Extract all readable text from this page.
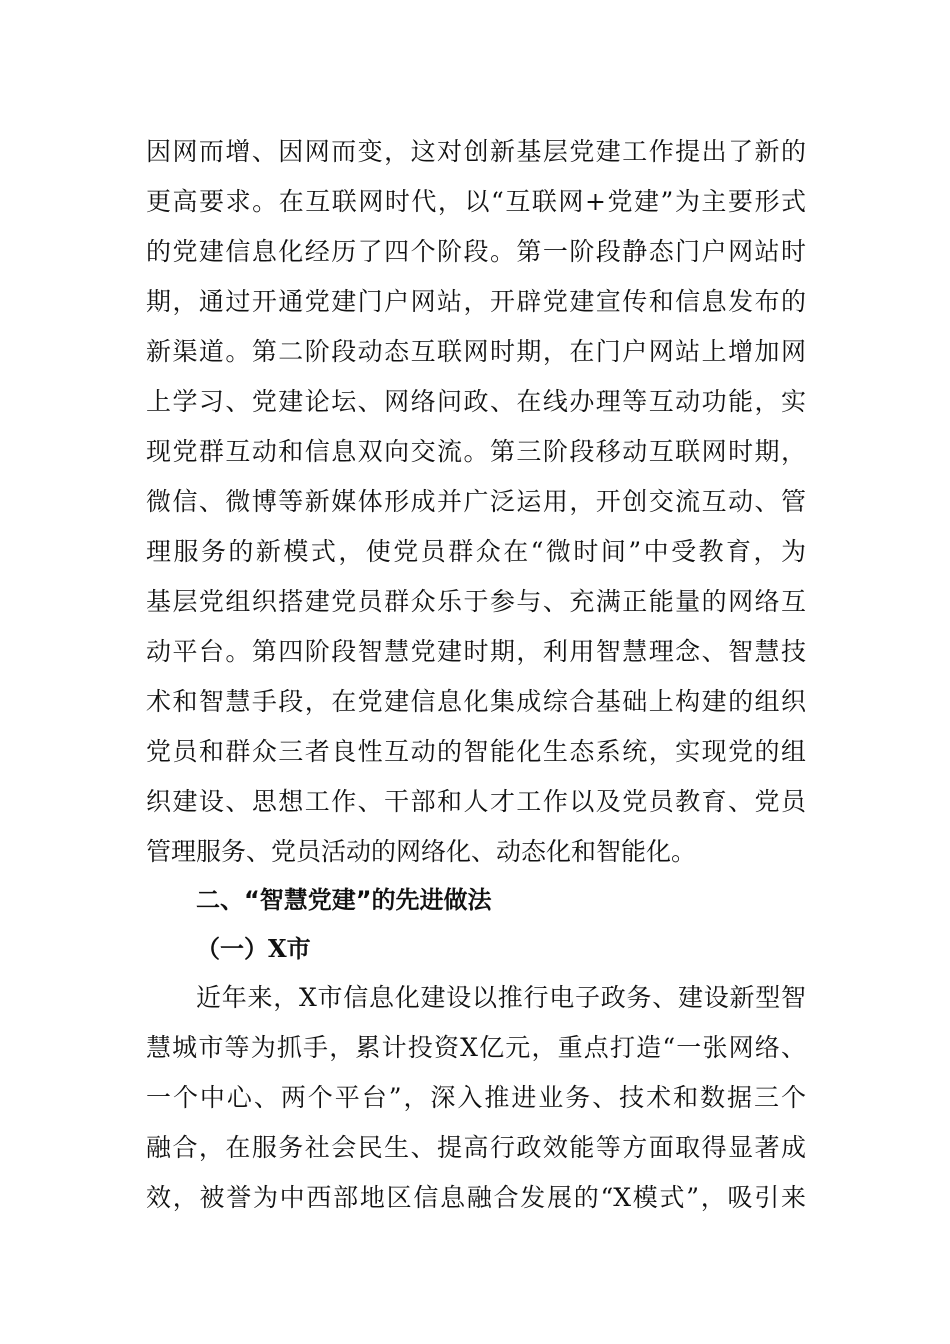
因网而增、因网而变，这对创新基层党建工作提出了新的
更高要求。在互联网时代，以“互联网+党建”为主要形式
的党建信息化经历了四个阶段。第一阶段静态门户网站时
期，通过开通党建门户网站，开辟党建宣传和信息发布的
新渠道。第二阶段动态互联网时期，在门户网站上增加网
上学习、党建论坛、网络问政、在线办理等互动功能，实
现党群互动和信息双向交流。第三阶段移动互联网时期，
微信、微博等新媒体形成并广泛运用，开创交流互动、管
理服务的新模式，使党员群众在“微时间”中受教育，为
基层党组织搭建党员群众乐于参与、充满正能量的网络互
动平台。第四阶段智慧党建时期，利用智慧理念、智慧技
术和智慧手段，在党建信息化集成综合基础上构建的组织
党员和群众三者良性互动的智能化生态系统，实现党的组
织建设、思想工作、干部和人才工作以及党员教育、党员
管理服务、党员活动的网络化、动态化和智能化。
二、“智慧党建”的先进做法
（一）X市
近年来，X市信息化建设以推行电子政务、建设新型智
慧城市等为抓手，累计投资X亿元，重点打造“一张网络、
一个中心、两个平台”，深入推进业务、技术和数据三个
融合，在服务社会民生、提高行政效能等方面取得显著成
效，被誉为中西部地区信息融合发展的“X模式”，吸引来
